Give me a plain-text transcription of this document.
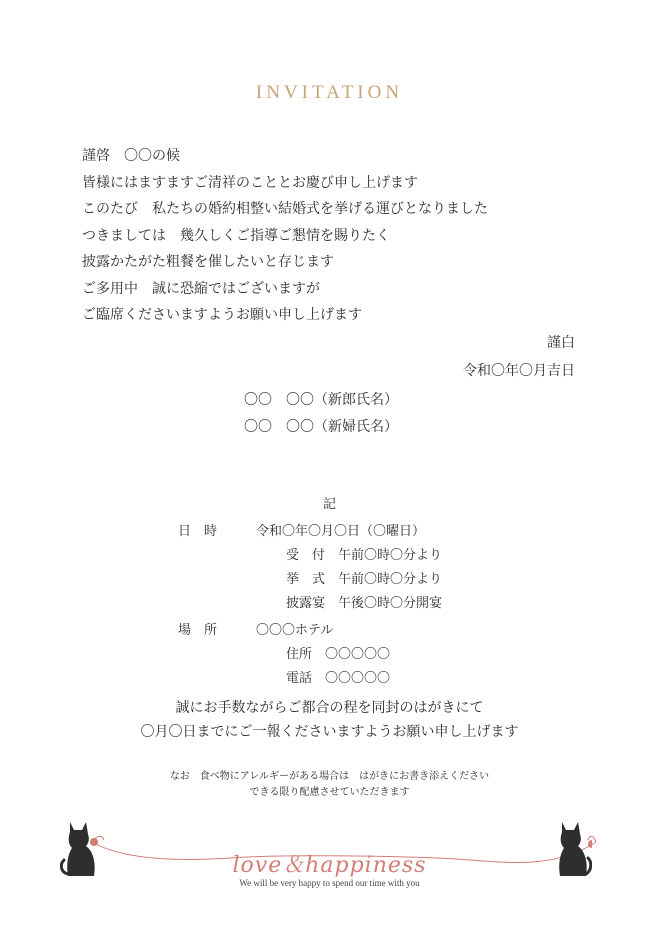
INVITATION
謹啓　〇〇の候
皆様にはますますご清祥のこととお慶び申し上げます
このたび　私たちの婚約相整い結婚式を挙げる運びとなりました
つきましては　幾久しくご指導ご懇情を賜りたく
披露かたがた粗餐を催したいと存じます
ご多用中　誠に恐縮ではございますが
ご臨席くださいますようお願い申し上げます
謹白
令和〇年〇月吉日
〇〇　〇〇（新郎氏名）
〇〇　〇〇（新婦氏名）
記
日　時	令和〇年〇月〇日（〇曜日）
受　付　午前〇時〇分より
挙　式　午前〇時〇分より
披露宴　午後〇時〇分開宴
場　所	〇〇〇ホテル
住所　〇〇〇〇〇
電話　〇〇〇〇〇
誠にお手数ながらご都合の程を同封のはがきにて
〇月〇日までにご一報くださいますようお願い申し上げます
なお　食べ物にアレルギーがある場合は　はがきにお書き添えください
できる限り配慮させていただきます
love＆happiness
We will be very happy to spend our time with you
